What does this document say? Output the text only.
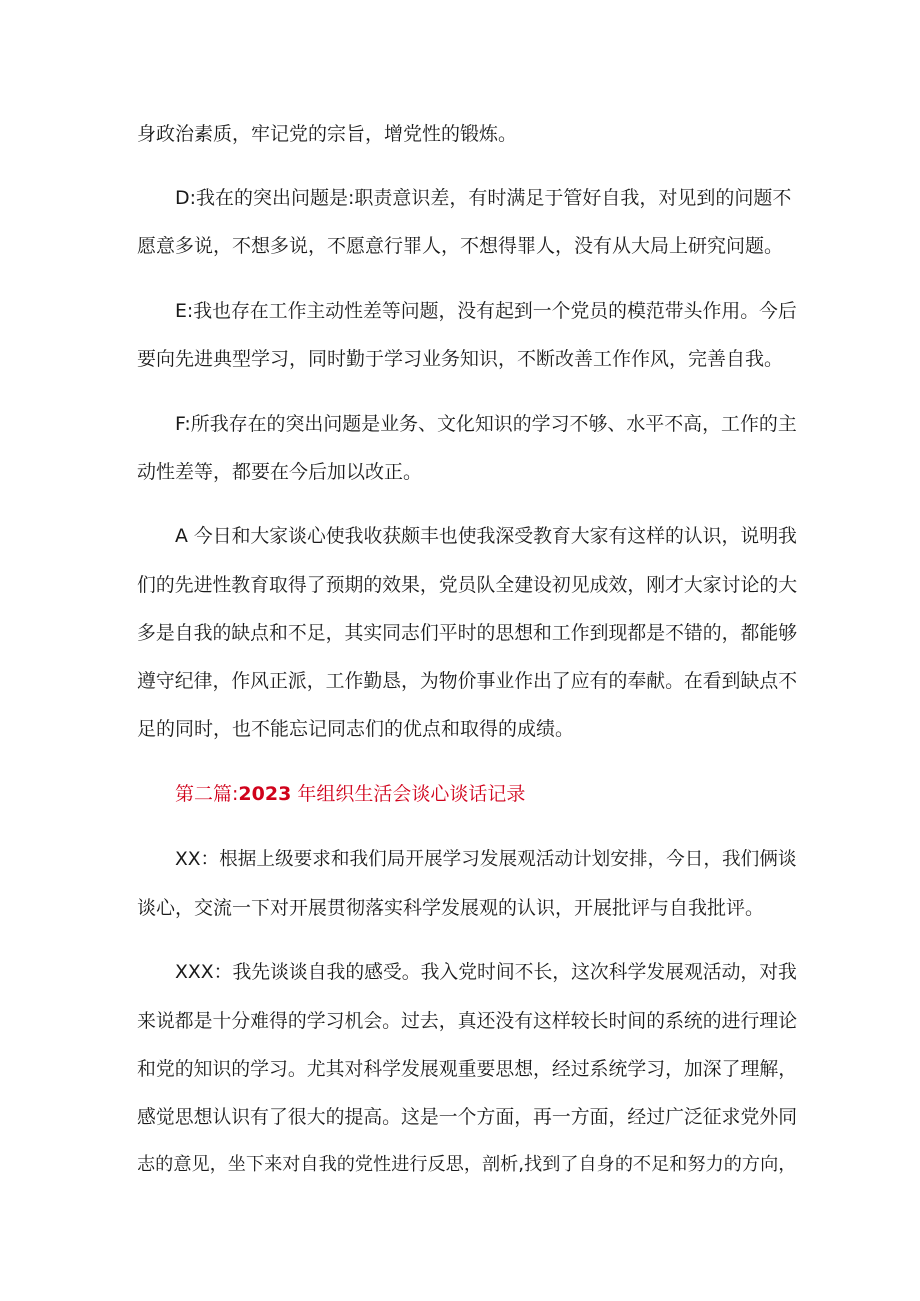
身政治素质，牢记党的宗旨，增党性的锻炼。

D:我在的突出问题是:职责意识差，有时满足于管好自我，对见到的问题不
愿意多说，不想多说，不愿意行罪人，不想得罪人，没有从大局上研究问题。

E:我也存在工作主动性差等问题，没有起到一个党员的模范带头作用。今后
要向先进典型学习，同时勤于学习业务知识，不断改善工作作风，完善自我。

F:所我存在的突出问题是业务、文化知识的学习不够、水平不高，工作的主
动性差等，都要在今后加以改正。

A 今日和大家谈心使我收获颇丰也使我深受教育大家有这样的认识，说明我
们的先进性教育取得了预期的效果，党员队全建设初见成效，刚才大家讨论的大
多是自我的缺点和不足，其实同志们平时的思想和工作到现都是不错的，都能够
遵守纪律，作风正派，工作勤恳，为物价事业作出了应有的奉献。在看到缺点不
足的同时，也不能忘记同志们的优点和取得的成绩。

第二篇:2023 年组织生活会谈心谈话记录

XX：根据上级要求和我们局开展学习发展观活动计划安排，今日，我们俩谈
谈心，交流一下对开展贯彻落实科学发展观的认识，开展批评与自我批评。

XXX：我先谈谈自我的感受。我入党时间不长，这次科学发展观活动，对我
来说都是十分难得的学习机会。过去，真还没有这样较长时间的系统的进行理论
和党的知识的学习。尤其对科学发展观重要思想，经过系统学习，加深了理解，
感觉思想认识有了很大的提高。这是一个方面，再一方面，经过广泛征求党外同
志的意见，坐下来对自我的党性进行反思，剖析,找到了自身的不足和努力的方向，
